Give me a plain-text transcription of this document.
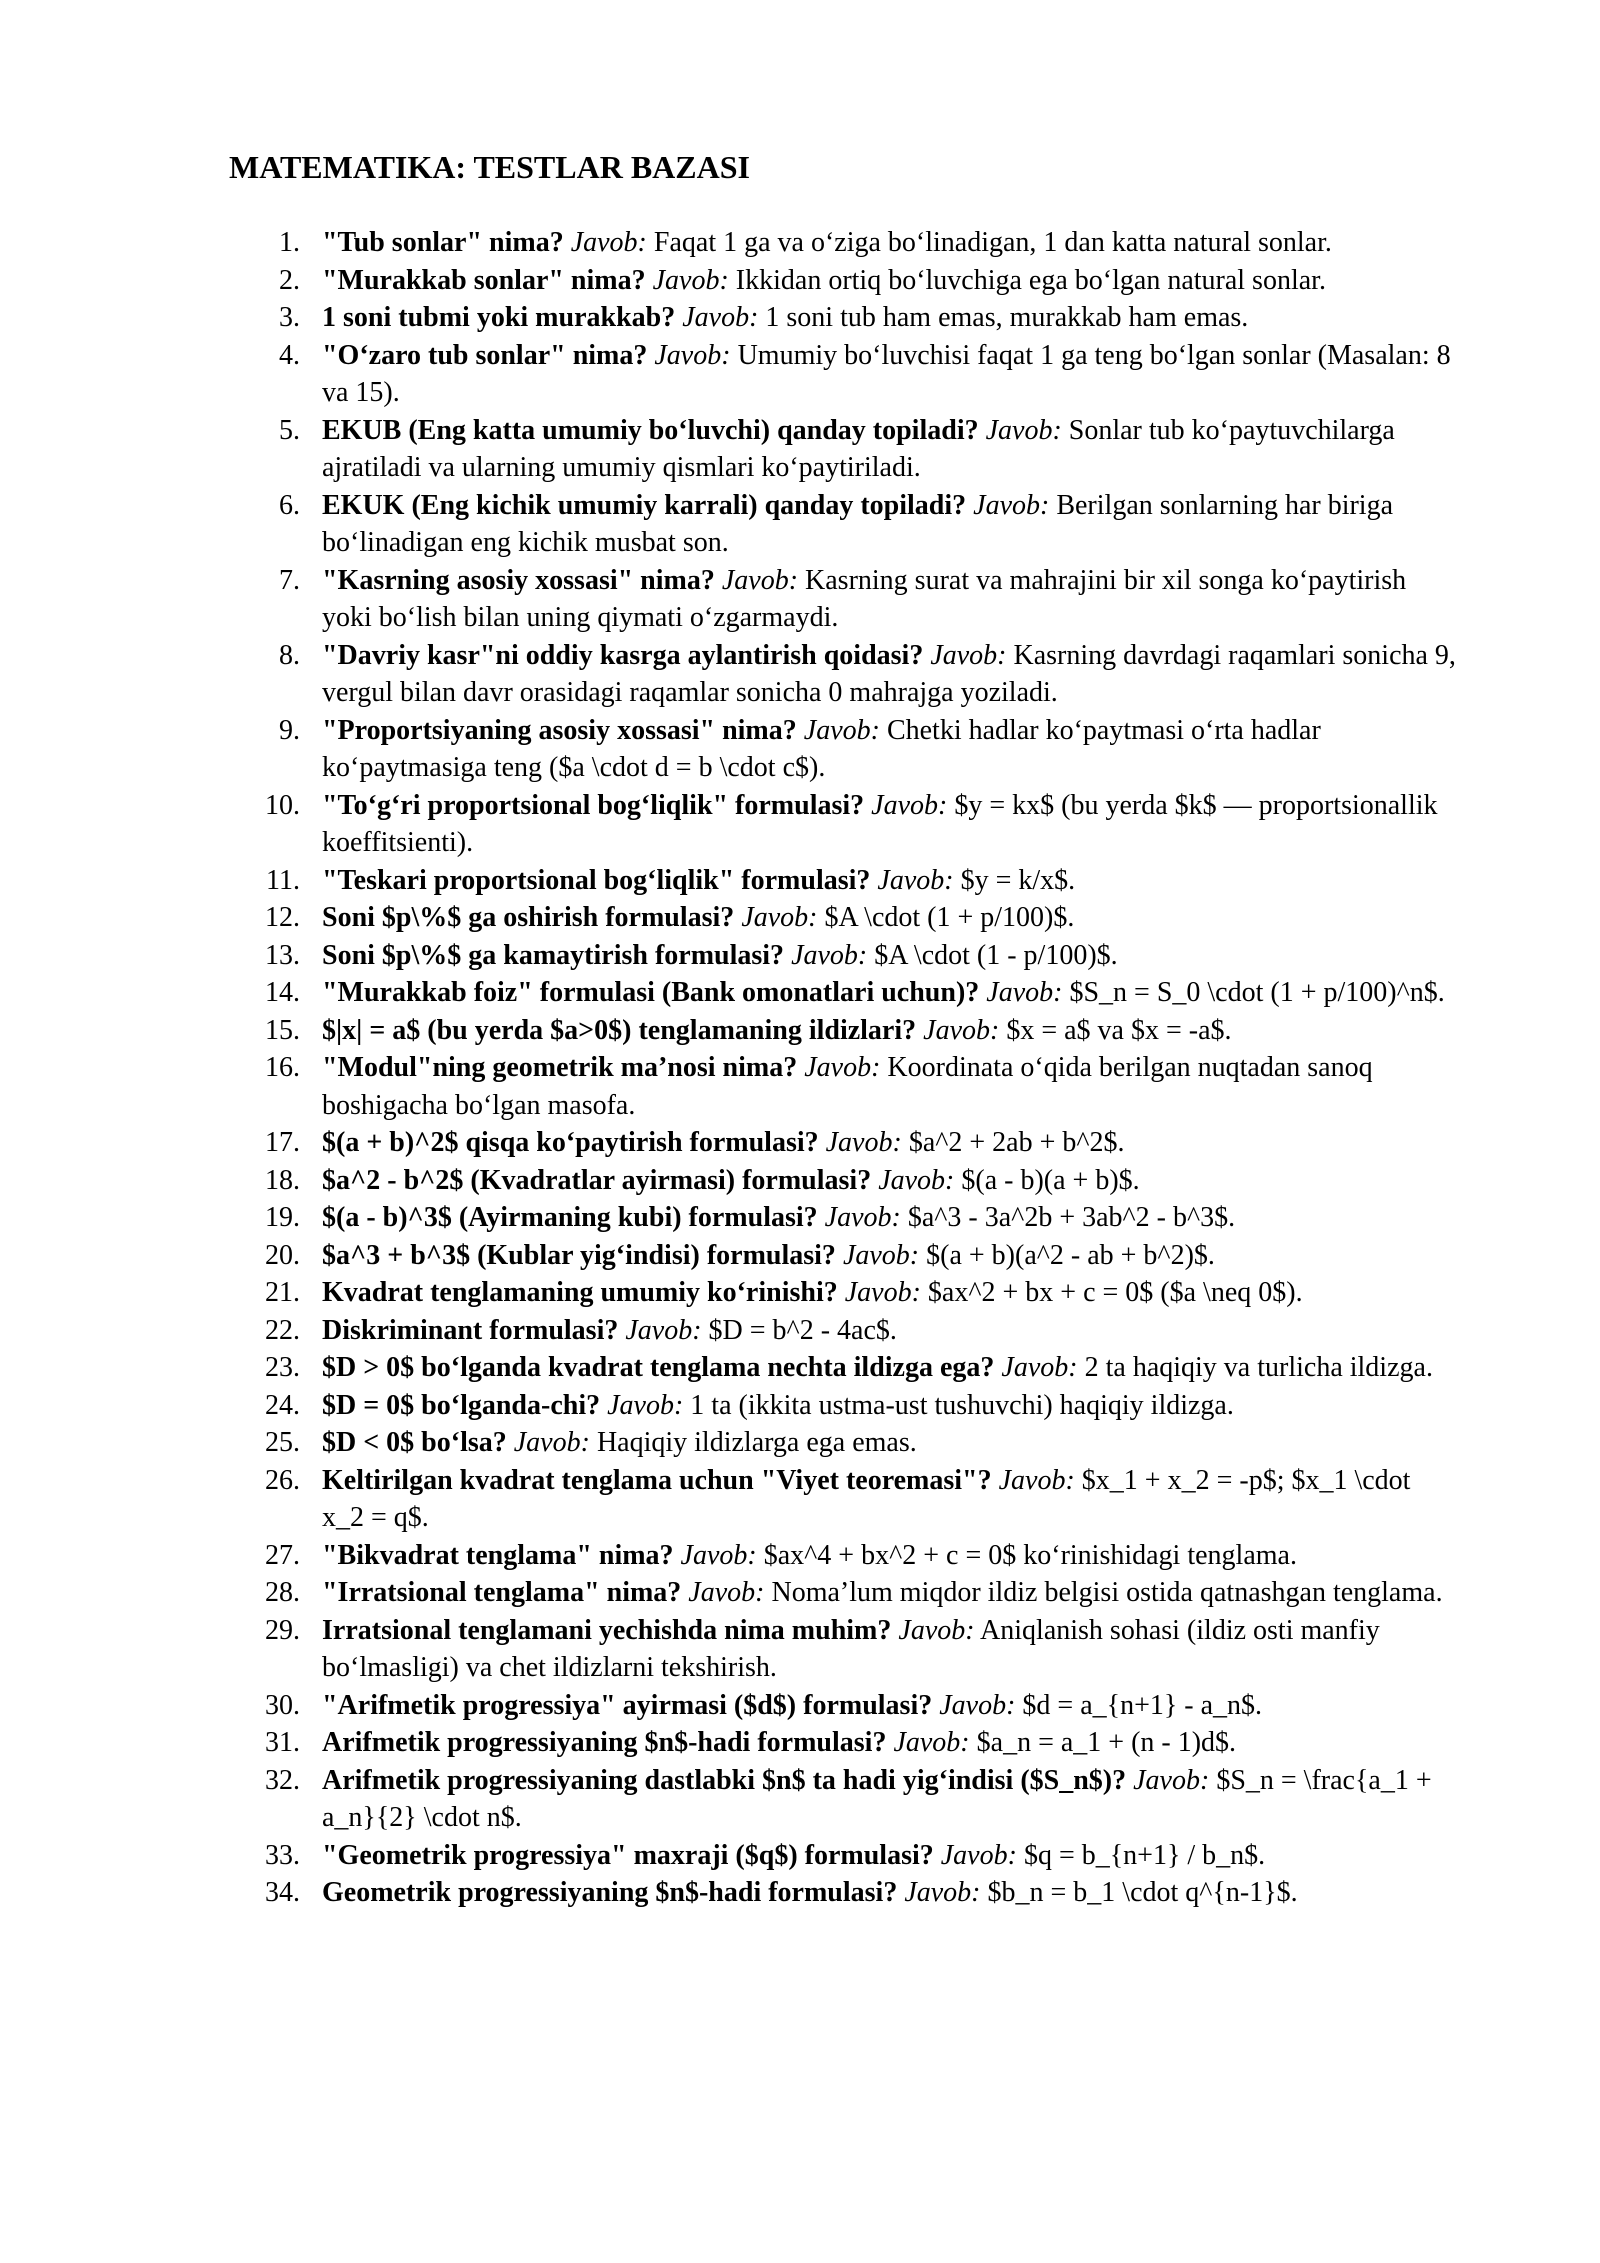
MATEMATIKA: TESTLAR BAZASI
1. "Tub sonlar" nima? Javob: Faqat 1 ga va o‘ziga bo‘linadigan, 1 dan katta natural sonlar.
2. "Murakkab sonlar" nima? Javob: Ikkidan ortiq bo‘luvchiga ega bo‘lgan natural sonlar.
3. 1 soni tubmi yoki murakkab? Javob: 1 soni tub ham emas, murakkab ham emas.
4. "O‘zaro tub sonlar" nima? Javob: Umumiy bo‘luvchisi faqat 1 ga teng bo‘lgan sonlar (Masalan: 8 va 15).
5. EKUB (Eng katta umumiy bo‘luvchi) qanday topiladi? Javob: Sonlar tub ko‘paytuvchilarga ajratiladi va ularning umumiy qismlari ko‘paytiriladi.
6. EKUK (Eng kichik umumiy karrali) qanday topiladi? Javob: Berilgan sonlarning har biriga bo‘linadigan eng kichik musbat son.
7. "Kasrning asosiy xossasi" nima? Javob: Kasrning surat va mahrajini bir xil songa ko‘paytirish yoki bo‘lish bilan uning qiymati o‘zgarmaydi.
8. "Davriy kasr"ni oddiy kasrga aylantirish qoidasi? Javob: Kasrning davrdagi raqamlari sonicha 9, vergul bilan davr orasidagi raqamlar sonicha 0 mahrajga yoziladi.
9. "Proportsiyaning asosiy xossasi" nima? Javob: Chetki hadlar ko‘paytmasi o‘rta hadlar ko‘paytmasiga teng ($a \cdot d = b \cdot c$).
10. "To‘g‘ri proportsional bog‘liqlik" formulasi? Javob: $y = kx$ (bu yerda $k$ — proportsionallik koeffitsienti).
11. "Teskari proportsional bog‘liqlik" formulasi? Javob: $y = k/x$.
12. Soni $p\%$ ga oshirish formulasi? Javob: $A \cdot (1 + p/100)$.
13. Soni $p\%$ ga kamaytirish formulasi? Javob: $A \cdot (1 - p/100)$.
14. "Murakkab foiz" formulasi (Bank omonatlari uchun)? Javob: $S_n = S_0 \cdot (1 + p/100)^n$.
15. $|x| = a$ (bu yerda $a>0$) tenglamaning ildizlari? Javob: $x = a$ va $x = -a$.
16. "Modul"ning geometrik ma’nosi nima? Javob: Koordinata o‘qida berilgan nuqtadan sanoq boshigacha bo‘lgan masofa.
17. $(a + b)^2$ qisqa ko‘paytirish formulasi? Javob: $a^2 + 2ab + b^2$.
18. $a^2 - b^2$ (Kvadratlar ayirmasi) formulasi? Javob: $(a - b)(a + b)$.
19. $(a - b)^3$ (Ayirmaning kubi) formulasi? Javob: $a^3 - 3a^2b + 3ab^2 - b^3$.
20. $a^3 + b^3$ (Kublar yig‘indisi) formulasi? Javob: $(a + b)(a^2 - ab + b^2)$.
21. Kvadrat tenglamaning umumiy ko‘rinishi? Javob: $ax^2 + bx + c = 0$ ($a \neq 0$).
22. Diskriminant formulasi? Javob: $D = b^2 - 4ac$.
23. $D > 0$ bo‘lganda kvadrat tenglama nechta ildizga ega? Javob: 2 ta haqiqiy va turlicha ildizga.
24. $D = 0$ bo‘lganda-chi? Javob: 1 ta (ikkita ustma-ust tushuvchi) haqiqiy ildizga.
25. $D < 0$ bo‘lsa? Javob: Haqiqiy ildizlarga ega emas.
26. Keltirilgan kvadrat tenglama uchun "Viyet teoremasi"? Javob: $x_1 + x_2 = -p$; $x_1 \cdot x_2 = q$.
27. "Bikvadrat tenglama" nima? Javob: $ax^4 + bx^2 + c = 0$ ko‘rinishidagi tenglama.
28. "Irratsional tenglama" nima? Javob: Noma’lum miqdor ildiz belgisi ostida qatnashgan tenglama.
29. Irratsional tenglamani yechishda nima muhim? Javob: Aniqlanish sohasi (ildiz osti manfiy bo‘lmasligi) va chet ildizlarni tekshirish.
30. "Arifmetik progressiya" ayirmasi ($d$) formulasi? Javob: $d = a_{n+1} - a_n$.
31. Arifmetik progressiyaning $n$-hadi formulasi? Javob: $a_n = a_1 + (n - 1)d$.
32. Arifmetik progressiyaning dastlabki $n$ ta hadi yig‘indisi ($S_n$)? Javob: $S_n = \frac{a_1 + a_n}{2} \cdot n$.
33. "Geometrik progressiya" maxraji ($q$) formulasi? Javob: $q = b_{n+1} / b_n$.
34. Geometrik progressiyaning $n$-hadi formulasi? Javob: $b_n = b_1 \cdot q^{n-1}$.
